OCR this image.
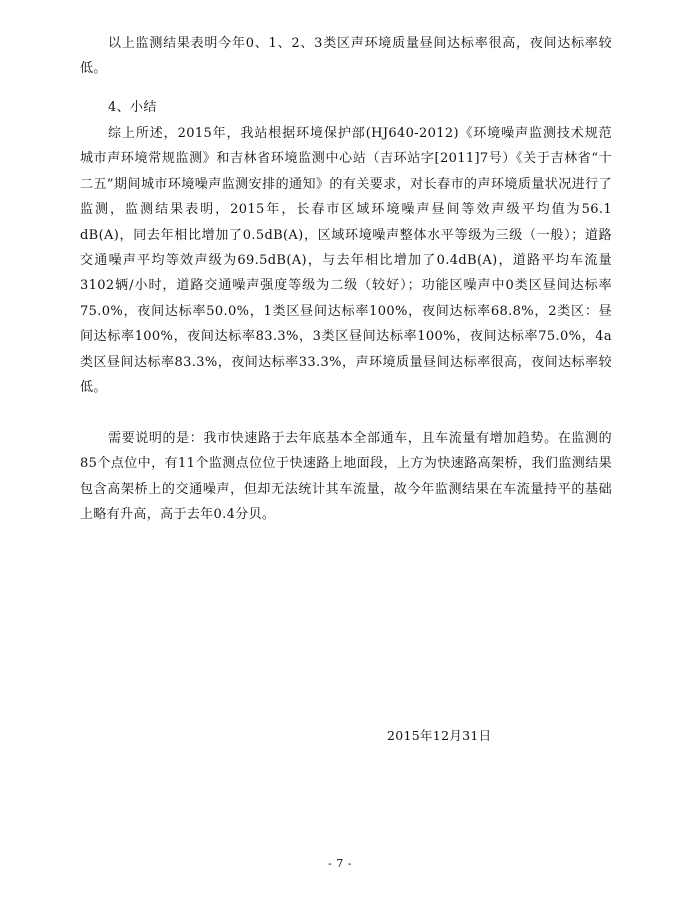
以上监测结果表明今年0、1、2、3类区声环境质量昼间达标率很高，夜间达标率较低。

4、小结

综上所述，2015年，我站根据环境保护部(HJ640-2012)《环境噪声监测技术规范 城市声环境常规监测》和吉林省环境监测中心站（吉环站字[2011]7号）《关于吉林省“十二五”期间城市环境噪声监测安排的通知》的有关要求，对长春市的声环境质量状况进行了监测，监测结果表明，2015年，长春市区域环境噪声昼间等效声级平均值为56.1 dB(A)，同去年相比增加了0.5dB(A)，区域环境噪声整体水平等级为三级（一般）；道路交通噪声平均等效声级为69.5dB(A)，与去年相比增加了0.4dB(A)，道路平均车流量3102辆/小时，道路交通噪声强度等级为二级（较好）；功能区噪声中0类区昼间达标率75.0%，夜间达标率50.0%，1类区昼间达标率100%，夜间达标率68.8%，2类区：昼间达标率100%，夜间达标率83.3%，3类区昼间达标率100%，夜间达标率75.0%，4a类区昼间达标率83.3%，夜间达标率33.3%，声环境质量昼间达标率很高，夜间达标率较低。

需要说明的是：我市快速路于去年底基本全部通车，且车流量有增加趋势。在监测的85个点位中，有11个监测点位位于快速路上地面段，上方为快速路高架桥，我们监测结果包含高架桥上的交通噪声，但却无法统计其车流量，故今年监测结果在车流量持平的基础上略有升高，高于去年0.4分贝。

2015年12月31日
- 7 -
